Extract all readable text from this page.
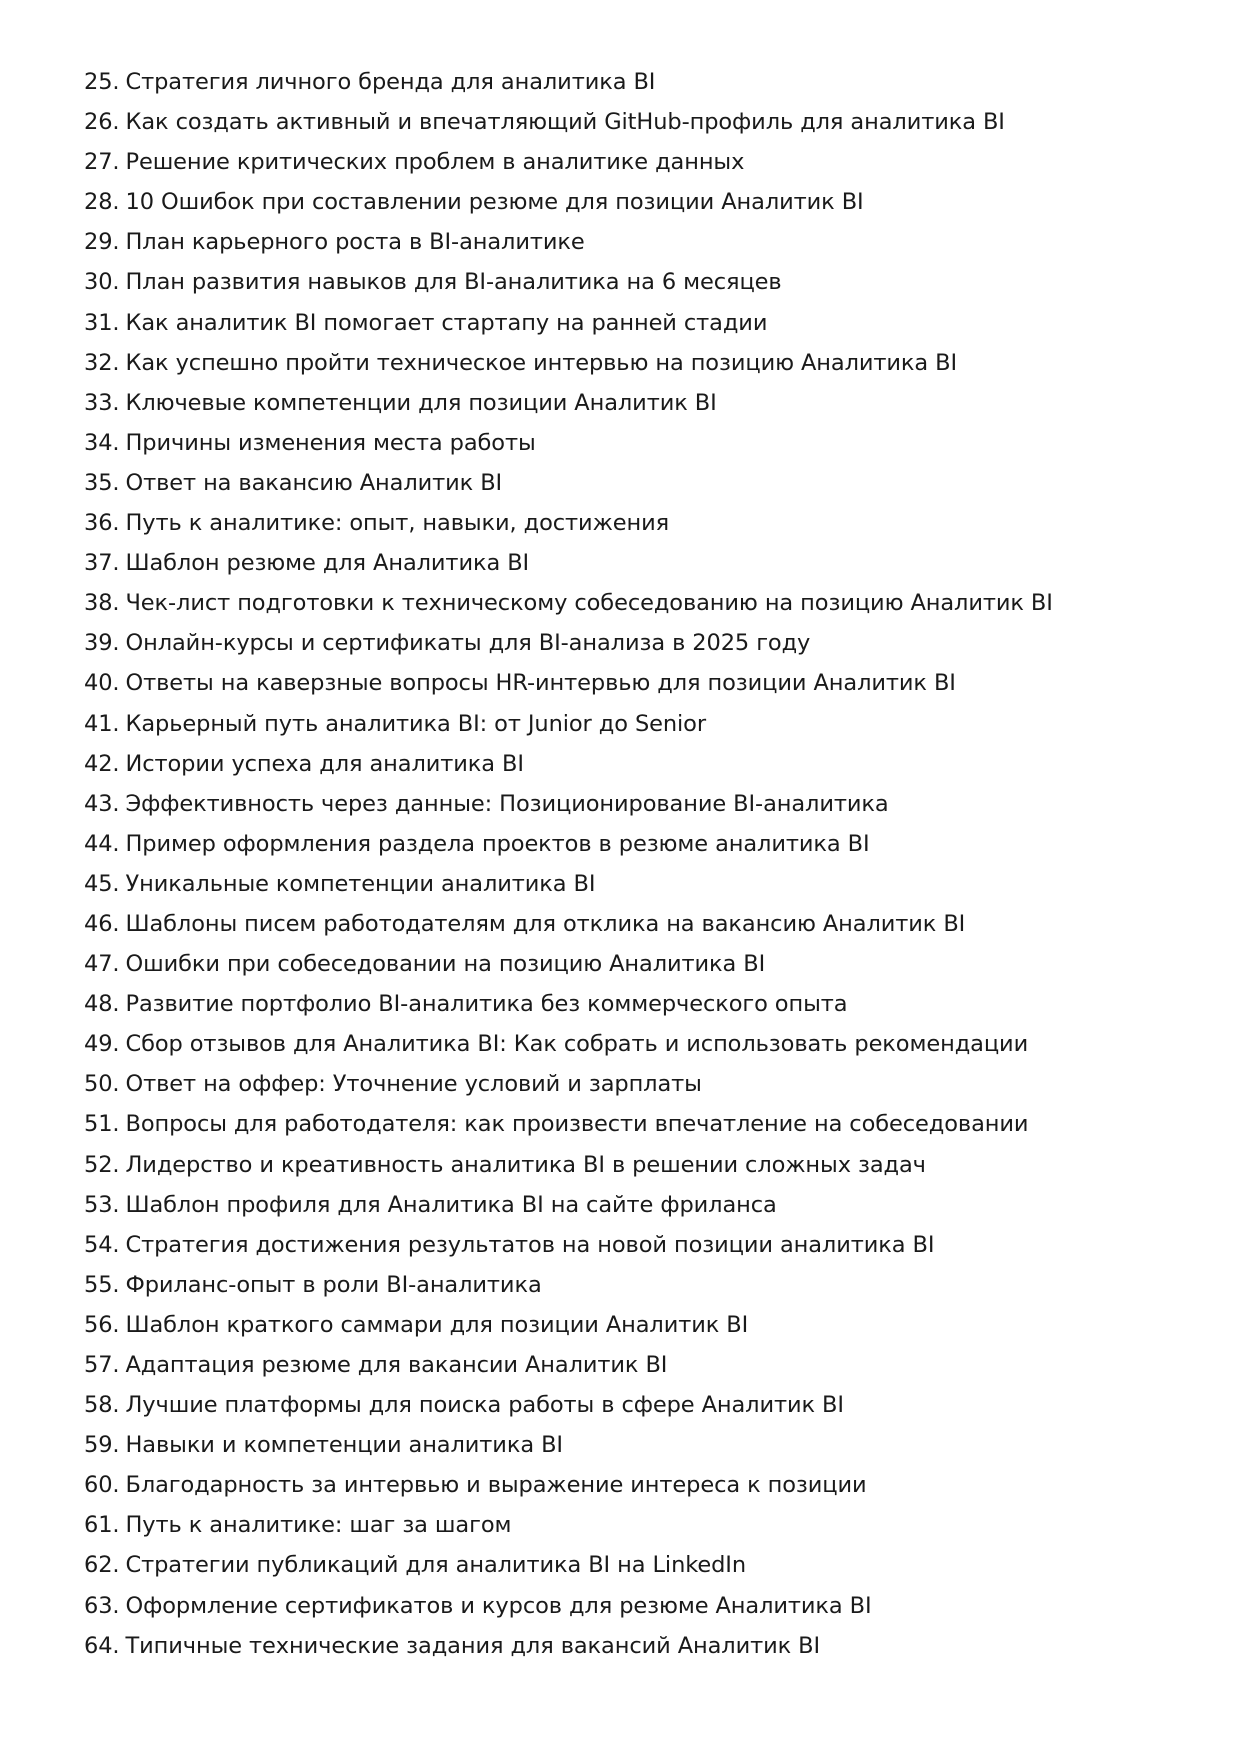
25. Стратегия личного бренда для аналитика BI
26. Как создать активный и впечатляющий GitHub-профиль для аналитика BI
27. Решение критических проблем в аналитике данных
28. 10 Ошибок при составлении резюме для позиции Аналитик BI
29. План карьерного роста в BI-аналитике
30. План развития навыков для BI-аналитика на 6 месяцев
31. Как аналитик BI помогает стартапу на ранней стадии
32. Как успешно пройти техническое интервью на позицию Аналитика BI
33. Ключевые компетенции для позиции Аналитик BI
34. Причины изменения места работы
35. Ответ на вакансию Аналитик BI
36. Путь к аналитике: опыт, навыки, достижения
37. Шаблон резюме для Аналитика BI
38. Чек-лист подготовки к техническому собеседованию на позицию Аналитик BI
39. Онлайн-курсы и сертификаты для BI-анализа в 2025 году
40. Ответы на каверзные вопросы HR-интервью для позиции Аналитик BI
41. Карьерный путь аналитика BI: от Junior до Senior
42. Истории успеха для аналитика BI
43. Эффективность через данные: Позиционирование BI-аналитика
44. Пример оформления раздела проектов в резюме аналитика BI
45. Уникальные компетенции аналитика BI
46. Шаблоны писем работодателям для отклика на вакансию Аналитик BI
47. Ошибки при собеседовании на позицию Аналитика BI
48. Развитие портфолио BI-аналитика без коммерческого опыта
49. Сбор отзывов для Аналитика BI: Как собрать и использовать рекомендации
50. Ответ на оффер: Уточнение условий и зарплаты
51. Вопросы для работодателя: как произвести впечатление на собеседовании
52. Лидерство и креативность аналитика BI в решении сложных задач
53. Шаблон профиля для Аналитика BI на сайте фриланса
54. Стратегия достижения результатов на новой позиции аналитика BI
55. Фриланс-опыт в роли BI-аналитика
56. Шаблон краткого саммари для позиции Аналитик BI
57. Адаптация резюме для вакансии Аналитик BI
58. Лучшие платформы для поиска работы в сфере Аналитик BI
59. Навыки и компетенции аналитика BI
60. Благодарность за интервью и выражение интереса к позиции
61. Путь к аналитике: шаг за шагом
62. Стратегии публикаций для аналитика BI на LinkedIn
63. Оформление сертификатов и курсов для резюме Аналитика BI
64. Типичные технические задания для вакансий Аналитик BI
